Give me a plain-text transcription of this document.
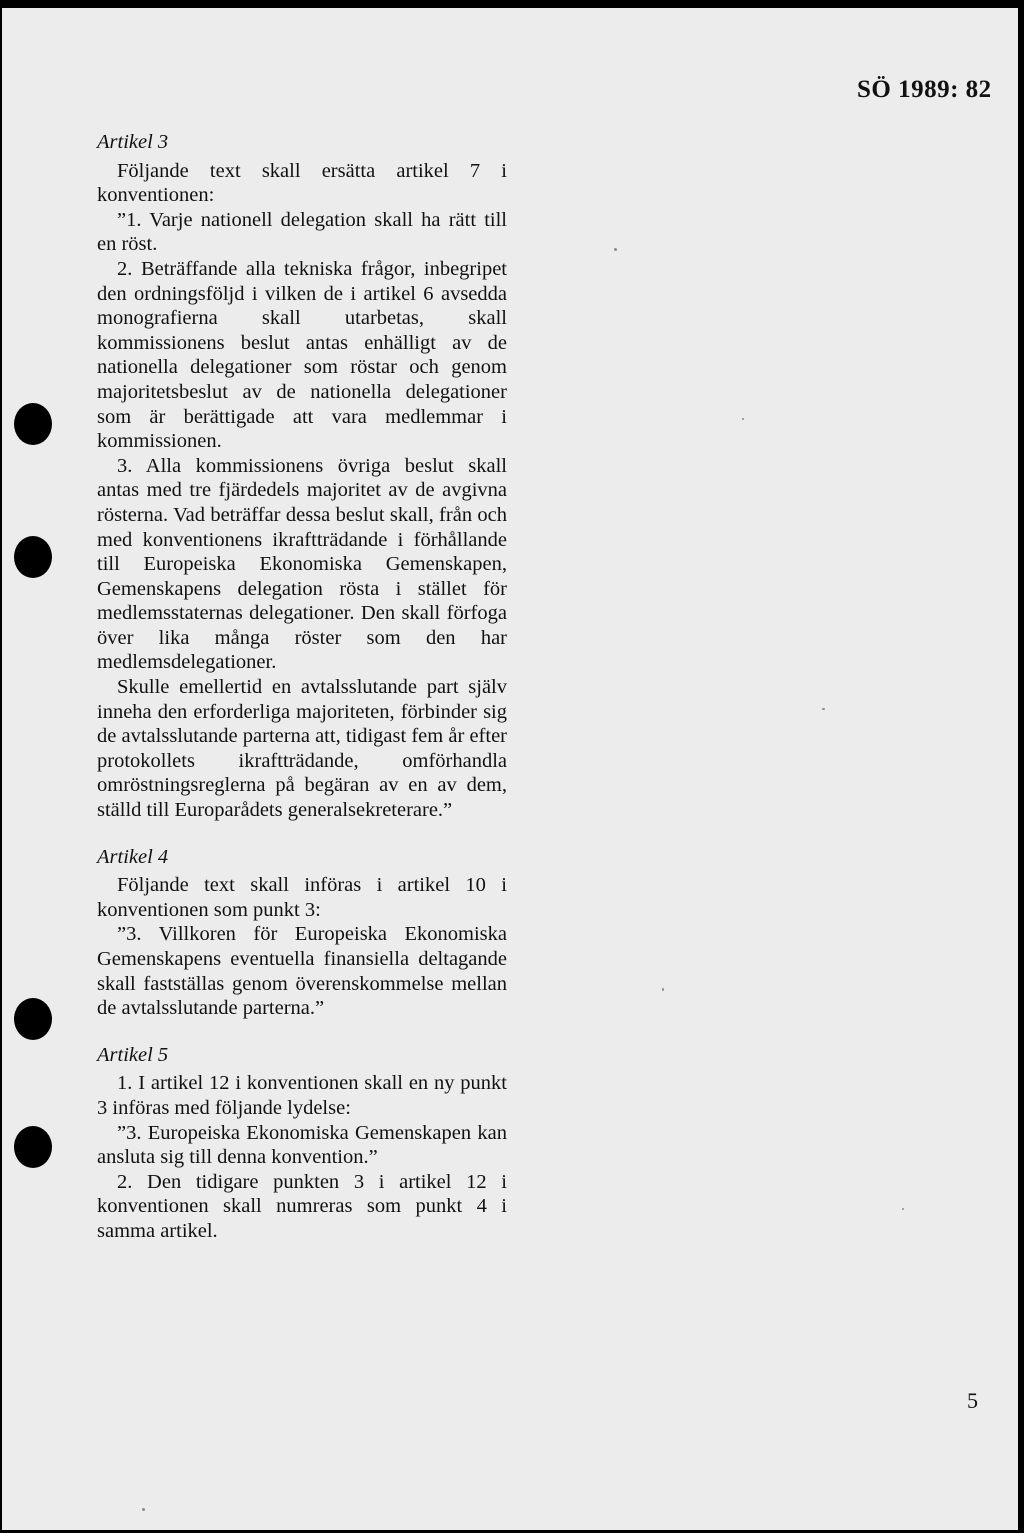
SÖ 1989: 82
Artikel 3

Följande text skall ersätta artikel 7 i konventionen:

”1. Varje nationell delegation skall ha rätt till en röst.

2. Beträffande alla tekniska frågor, inbegripet den ordningsföljd i vilken de i artikel 6 avsedda monografierna skall utarbetas, skall kommissionens beslut antas enhälligt av de nationella delegationer som röstar och genom majoritetsbeslut av de nationella delegationer som är berättigade att vara medlemmar i kommissionen.

3. Alla kommissionens övriga beslut skall antas med tre fjärdedels majoritet av de avgivna rösterna. Vad beträffar dessa beslut skall, från och med konventionens ikraftträdande i förhållande till Europeiska Ekonomiska Gemenskapen, Gemenskapens delegation rösta i stället för medlemsstaternas delegationer. Den skall förfoga över lika många röster som den har medlemsdelegationer.

Skulle emellertid en avtalsslutande part själv inneha den erforderliga majoriteten, förbinder sig de avtalsslutande parterna att, tidigast fem år efter protokollets ikraftträdande, omförhandla omröstningsreglerna på begäran av en av dem, ställd till Europarådets generalsekreterare.”

Artikel 4

Följande text skall införas i artikel 10 i konventionen som punkt 3:

”3. Villkoren för Europeiska Ekonomiska Gemenskapens eventuella finansiella deltagande skall fastställas genom överenskommelse mellan de avtalsslutande parterna.”

Artikel 5

1. I artikel 12 i konventionen skall en ny punkt 3 införas med följande lydelse:

”3. Europeiska Ekonomiska Gemenskapen kan ansluta sig till denna konvention.”

2. Den tidigare punkten 3 i artikel 12 i konventionen skall numreras som punkt 4 i samma artikel.

5
